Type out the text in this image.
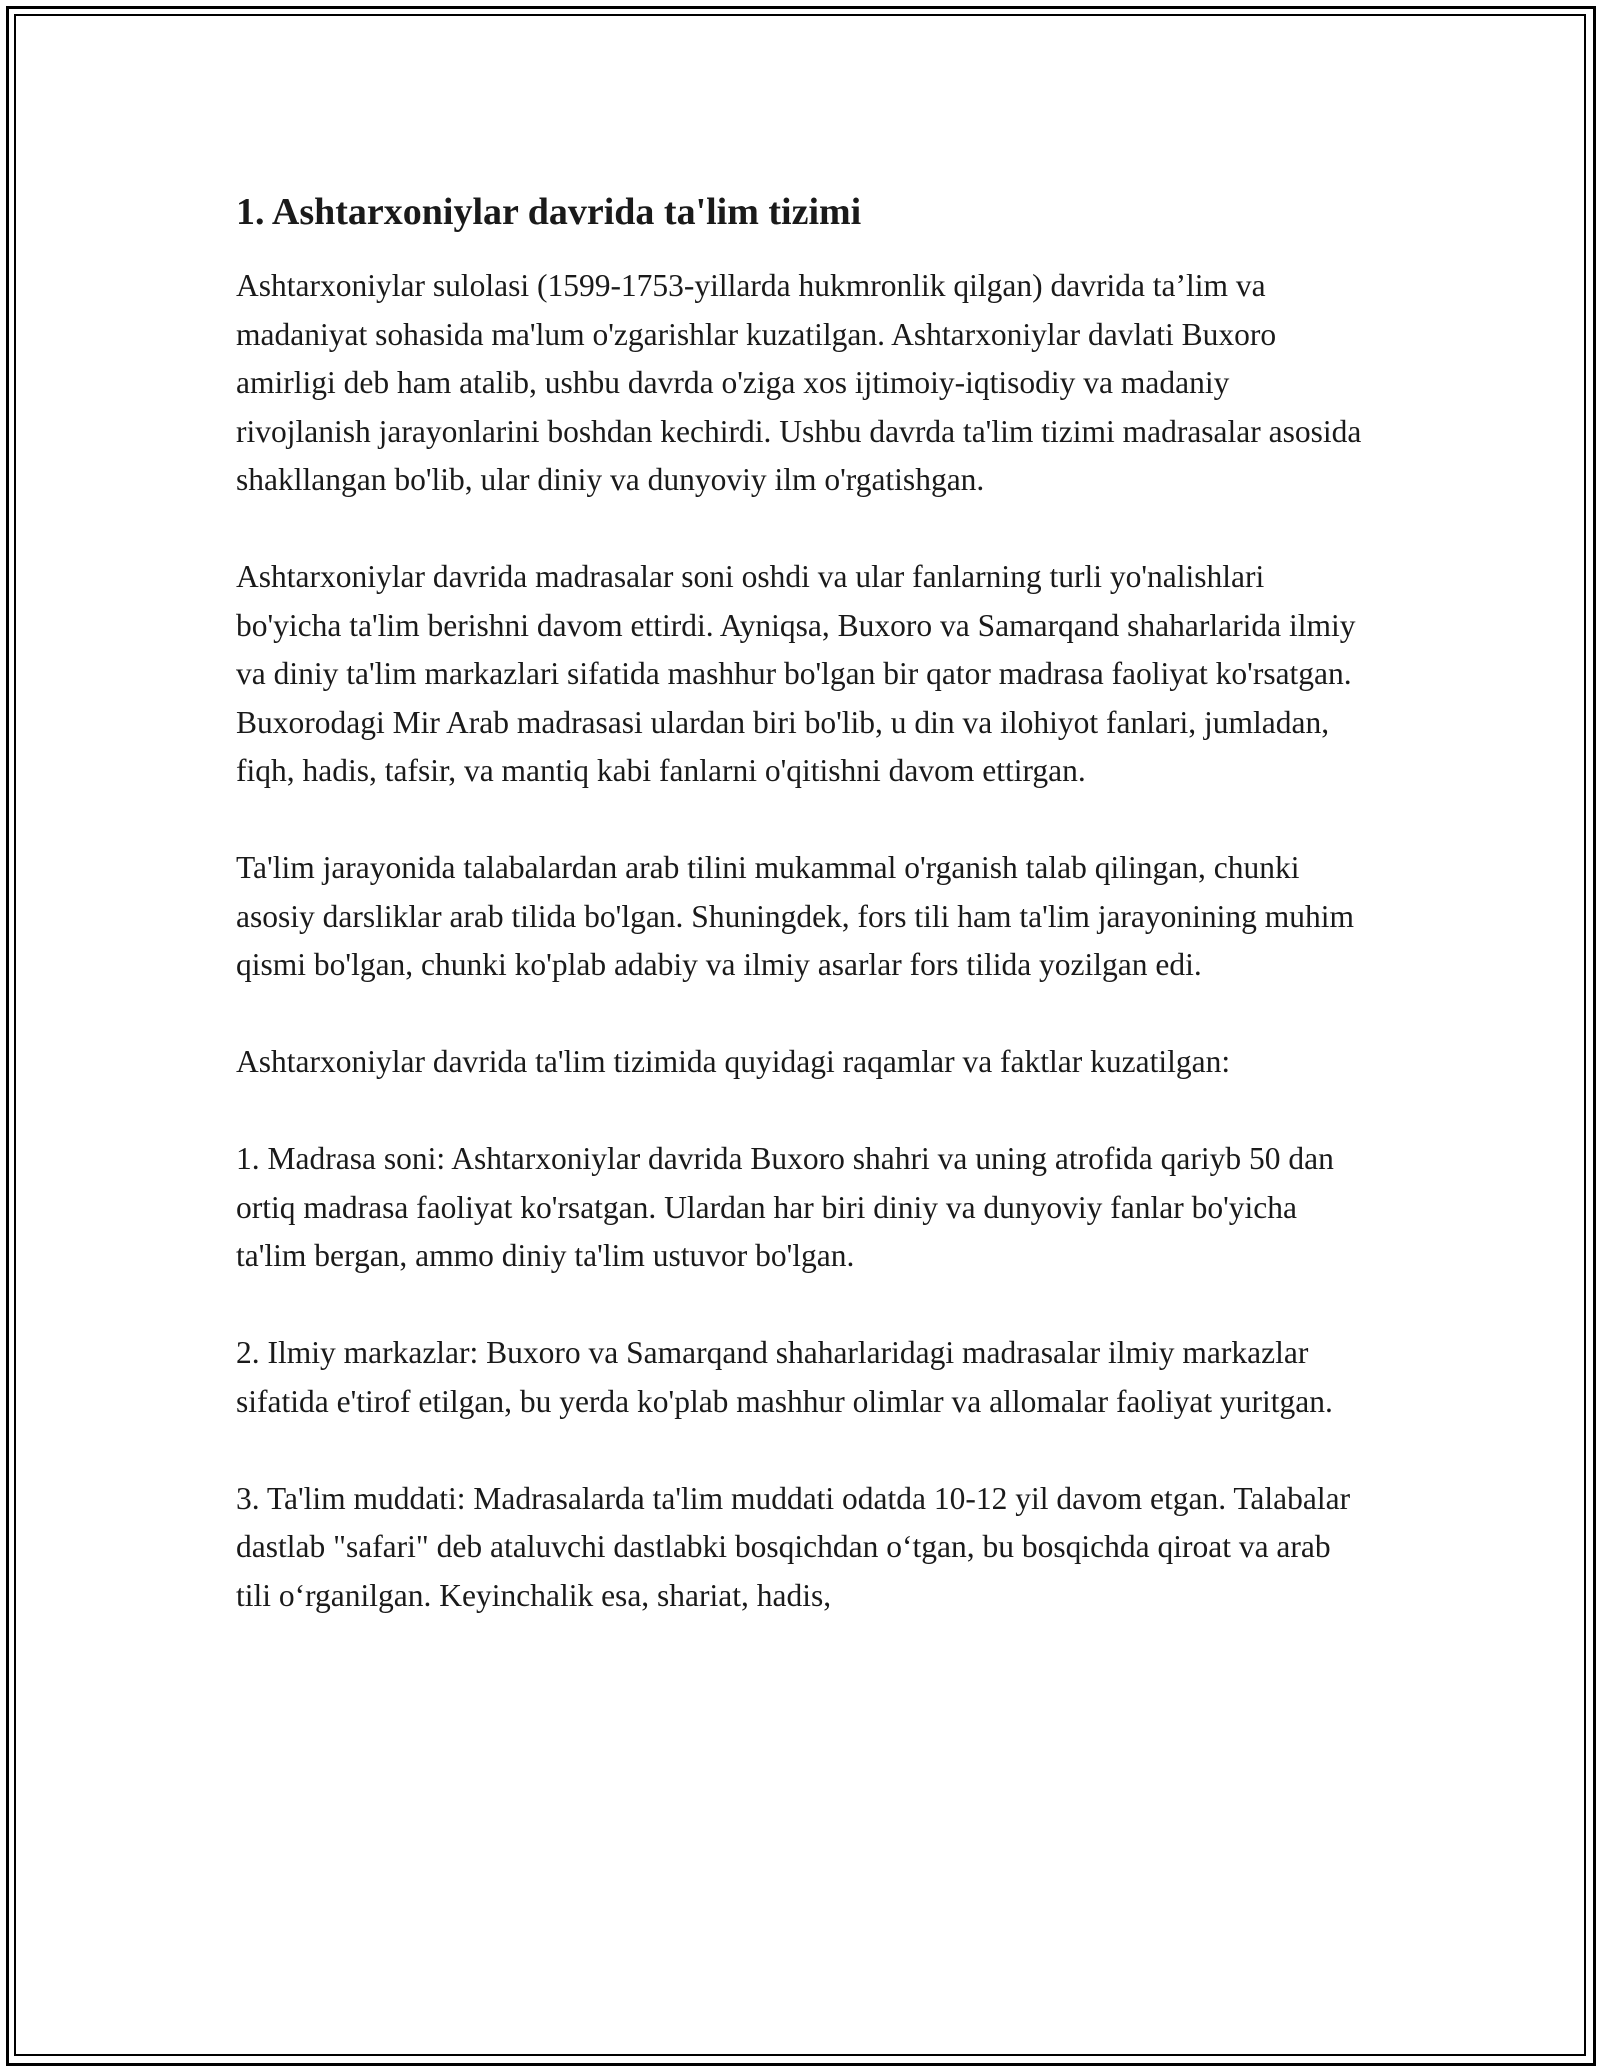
1. Ashtarxoniylar davrida ta'lim tizimi

Ashtarxoniylar sulolasi (1599-1753-yillarda hukmronlik qilgan) davrida ta’lim va madaniyat sohasida ma'lum o'zgarishlar kuzatilgan. Ashtarxoniylar davlati Buxoro amirligi deb ham atalib, ushbu davrda o'ziga xos ijtimoiy-iqtisodiy va madaniy rivojlanish jarayonlarini boshdan kechirdi. Ushbu davrda ta'lim tizimi madrasalar asosida shakllangan bo'lib, ular diniy va dunyoviy ilm o'rgatishgan.

Ashtarxoniylar davrida madrasalar soni oshdi va ular fanlarning turli yo'nalishlari bo'yicha ta'lim berishni davom ettirdi. Ayniqsa, Buxoro va Samarqand shaharlarida ilmiy va diniy ta'lim markazlari sifatida mashhur bo'lgan bir qator madrasa faoliyat ko'rsatgan. Buxorodagi Mir Arab madrasasi ulardan biri bo'lib, u din va ilohiyot fanlari, jumladan, fiqh, hadis, tafsir, va mantiq kabi fanlarni o'qitishni davom ettirgan.

Ta'lim jarayonida talabalardan arab tilini mukammal o'rganish talab qilingan, chunki asosiy darsliklar arab tilida bo'lgan. Shuningdek, fors tili ham ta'lim jarayonining muhim qismi bo'lgan, chunki ko'plab adabiy va ilmiy asarlar fors tilida yozilgan edi.

Ashtarxoniylar davrida ta'lim tizimida quyidagi raqamlar va faktlar kuzatilgan:

1. Madrasa soni: Ashtarxoniylar davrida Buxoro shahri va uning atrofida qariyb 50 dan ortiq madrasa faoliyat ko'rsatgan. Ulardan har biri diniy va dunyoviy fanlar bo'yicha ta'lim bergan, ammo diniy ta'lim ustuvor bo'lgan.

2. Ilmiy markazlar: Buxoro va Samarqand shaharlaridagi madrasalar ilmiy markazlar sifatida e'tirof etilgan, bu yerda ko'plab mashhur olimlar va allomalar faoliyat yuritgan.

3. Ta'lim muddati: Madrasalarda ta'lim muddati odatda 10-12 yil davom etgan. Talabalar dastlab "safari" deb ataluvchi dastlabki bosqichdan o‘tgan, bu bosqichda qiroat va arab tili o‘rganilgan. Keyinchalik esa, shariat, hadis,
